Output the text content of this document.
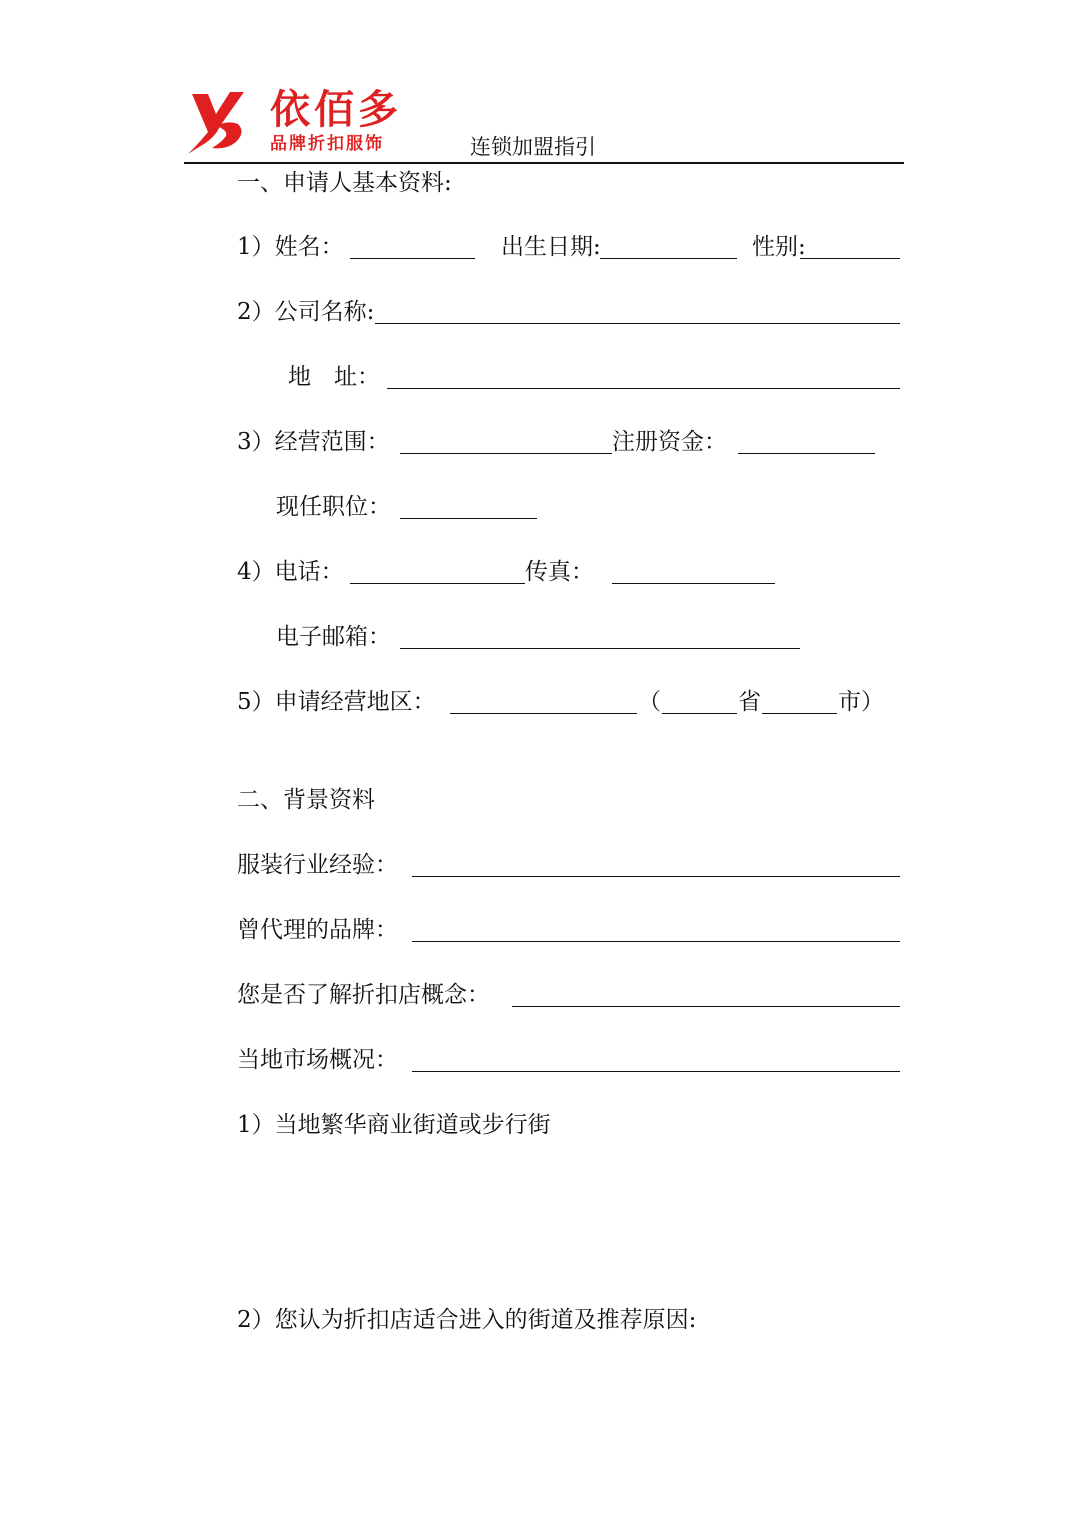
依佰多
品牌折扣服饰	连锁加盟指引
一、申请人基本资料:
1）姓名：	出生日期:	性别:
2）公司名称:
地　址：
3）经营范围：	注册资金：
现任职位：
4）电话：	传真：
电子邮箱：
5）申请经营地区：	（	省	市）
二、背景资料
服装行业经验：
曾代理的品牌：
您是否了解折扣店概念：
当地市场概况：
1）当地繁华商业街道或步行街
2）您认为折扣店适合进入的街道及推荐原因:
